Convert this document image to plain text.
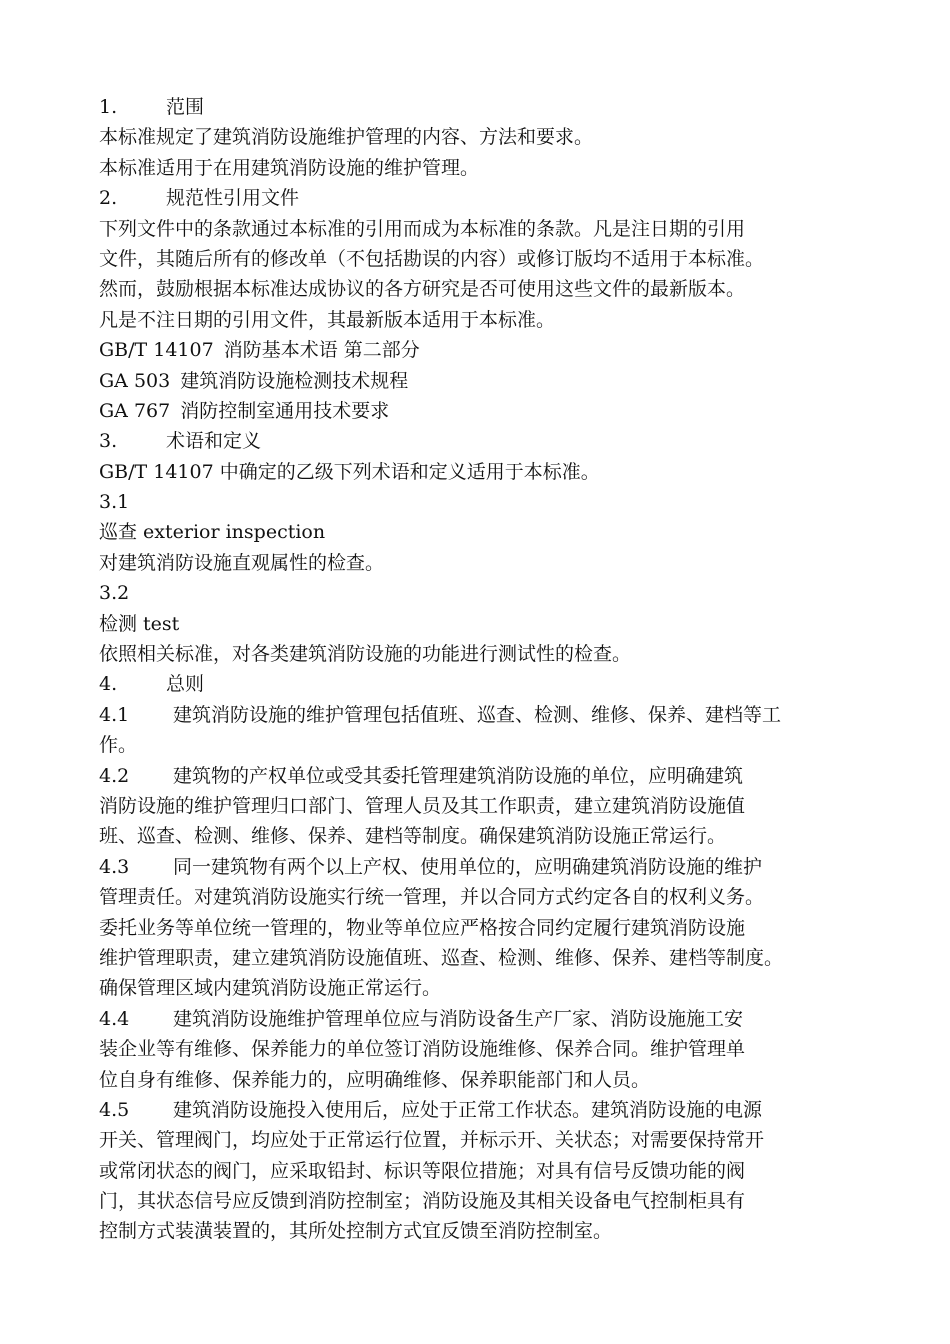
1.	范围
本标准规定了建筑消防设施维护管理的内容、方法和要求。
本标准适用于在用建筑消防设施的维护管理。
2.	规范性引用文件
下列文件中的条款通过本标准的引用而成为本标准的条款。凡是注日期的引用
文件，其随后所有的修改单（不包括勘误的内容）或修订版均不适用于本标准。
然而，鼓励根据本标准达成协议的各方研究是否可使用这些文件的最新版本。
凡是不注日期的引用文件，其最新版本适用于本标准。
GB/T 14107 消防基本术语 第二部分
GA 503 建筑消防设施检测技术规程
GA 767 消防控制室通用技术要求
3.	术语和定义
GB/T 14107 中确定的乙级下列术语和定义适用于本标准。
3.1
巡查 exterior inspection
对建筑消防设施直观属性的检查。
3.2
检测 test
依照相关标准，对各类建筑消防设施的功能进行测试性的检查。
4.	总则
4.1 建筑消防设施的维护管理包括值班、巡查、检测、维修、保养、建档等工
作。
4.2 建筑物的产权单位或受其委托管理建筑消防设施的单位，应明确建筑
消防设施的维护管理归口部门、管理人员及其工作职责，建立建筑消防设施值
班、巡查、检测、维修、保养、建档等制度。确保建筑消防设施正常运行。
4.3 同一建筑物有两个以上产权、使用单位的，应明确建筑消防设施的维护
管理责任。对建筑消防设施实行统一管理，并以合同方式约定各自的权利义务。
委托业务等单位统一管理的，物业等单位应严格按合同约定履行建筑消防设施
维护管理职责，建立建筑消防设施值班、巡查、检测、维修、保养、建档等制度。
确保管理区域内建筑消防设施正常运行。
4.4 建筑消防设施维护管理单位应与消防设备生产厂家、消防设施施工安
装企业等有维修、保养能力的单位签订消防设施维修、保养合同。维护管理单
位自身有维修、保养能力的，应明确维修、保养职能部门和人员。
4.5 建筑消防设施投入使用后，应处于正常工作状态。建筑消防设施的电源
开关、管理阀门，均应处于正常运行位置，并标示开、关状态；对需要保持常开
或常闭状态的阀门，应采取铅封、标识等限位措施；对具有信号反馈功能的阀
门，其状态信号应反馈到消防控制室；消防设施及其相关设备电气控制柜具有
控制方式装潢装置的，其所处控制方式宜反馈至消防控制室。
